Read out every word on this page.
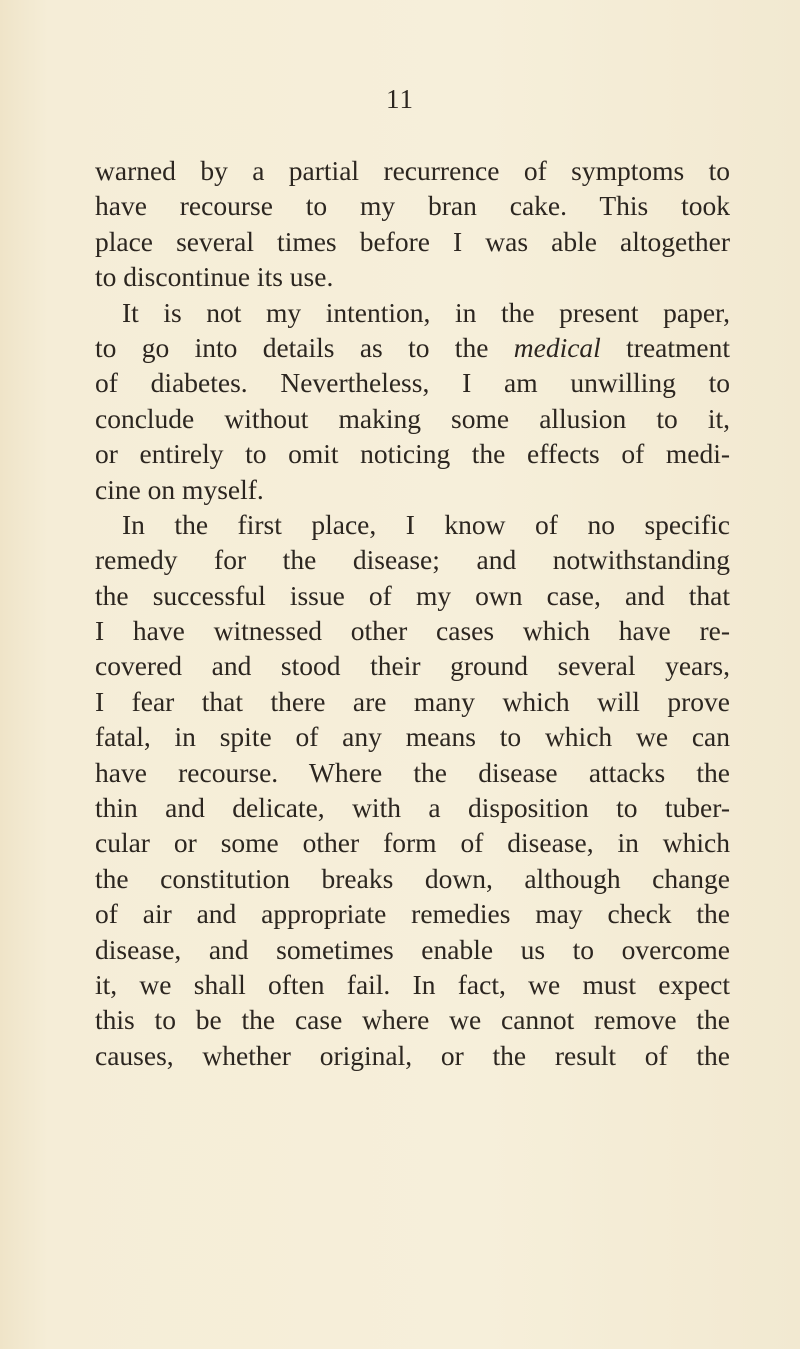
11
warned by a partial recurrence of symptoms to
have recourse to my bran cake. This took
place several times before I was able altogether
to discontinue its use.
It is not my intention, in the present paper,
to go into details as to the medical treatment
of diabetes. Nevertheless, I am unwilling to
conclude without making some allusion to it,
or entirely to omit noticing the effects of medi-
cine on myself.
In the first place, I know of no specific
remedy for the disease; and notwithstanding
the successful issue of my own case, and that
I have witnessed other cases which have re-
covered and stood their ground several years,
I fear that there are many which will prove
fatal, in spite of any means to which we can
have recourse. Where the disease attacks the
thin and delicate, with a disposition to tuber-
cular or some other form of disease, in which
the constitution breaks down, although change
of air and appropriate remedies may check the
disease, and sometimes enable us to overcome
it, we shall often fail. In fact, we must expect
this to be the case where we cannot remove the
causes, whether original, or the result of the
